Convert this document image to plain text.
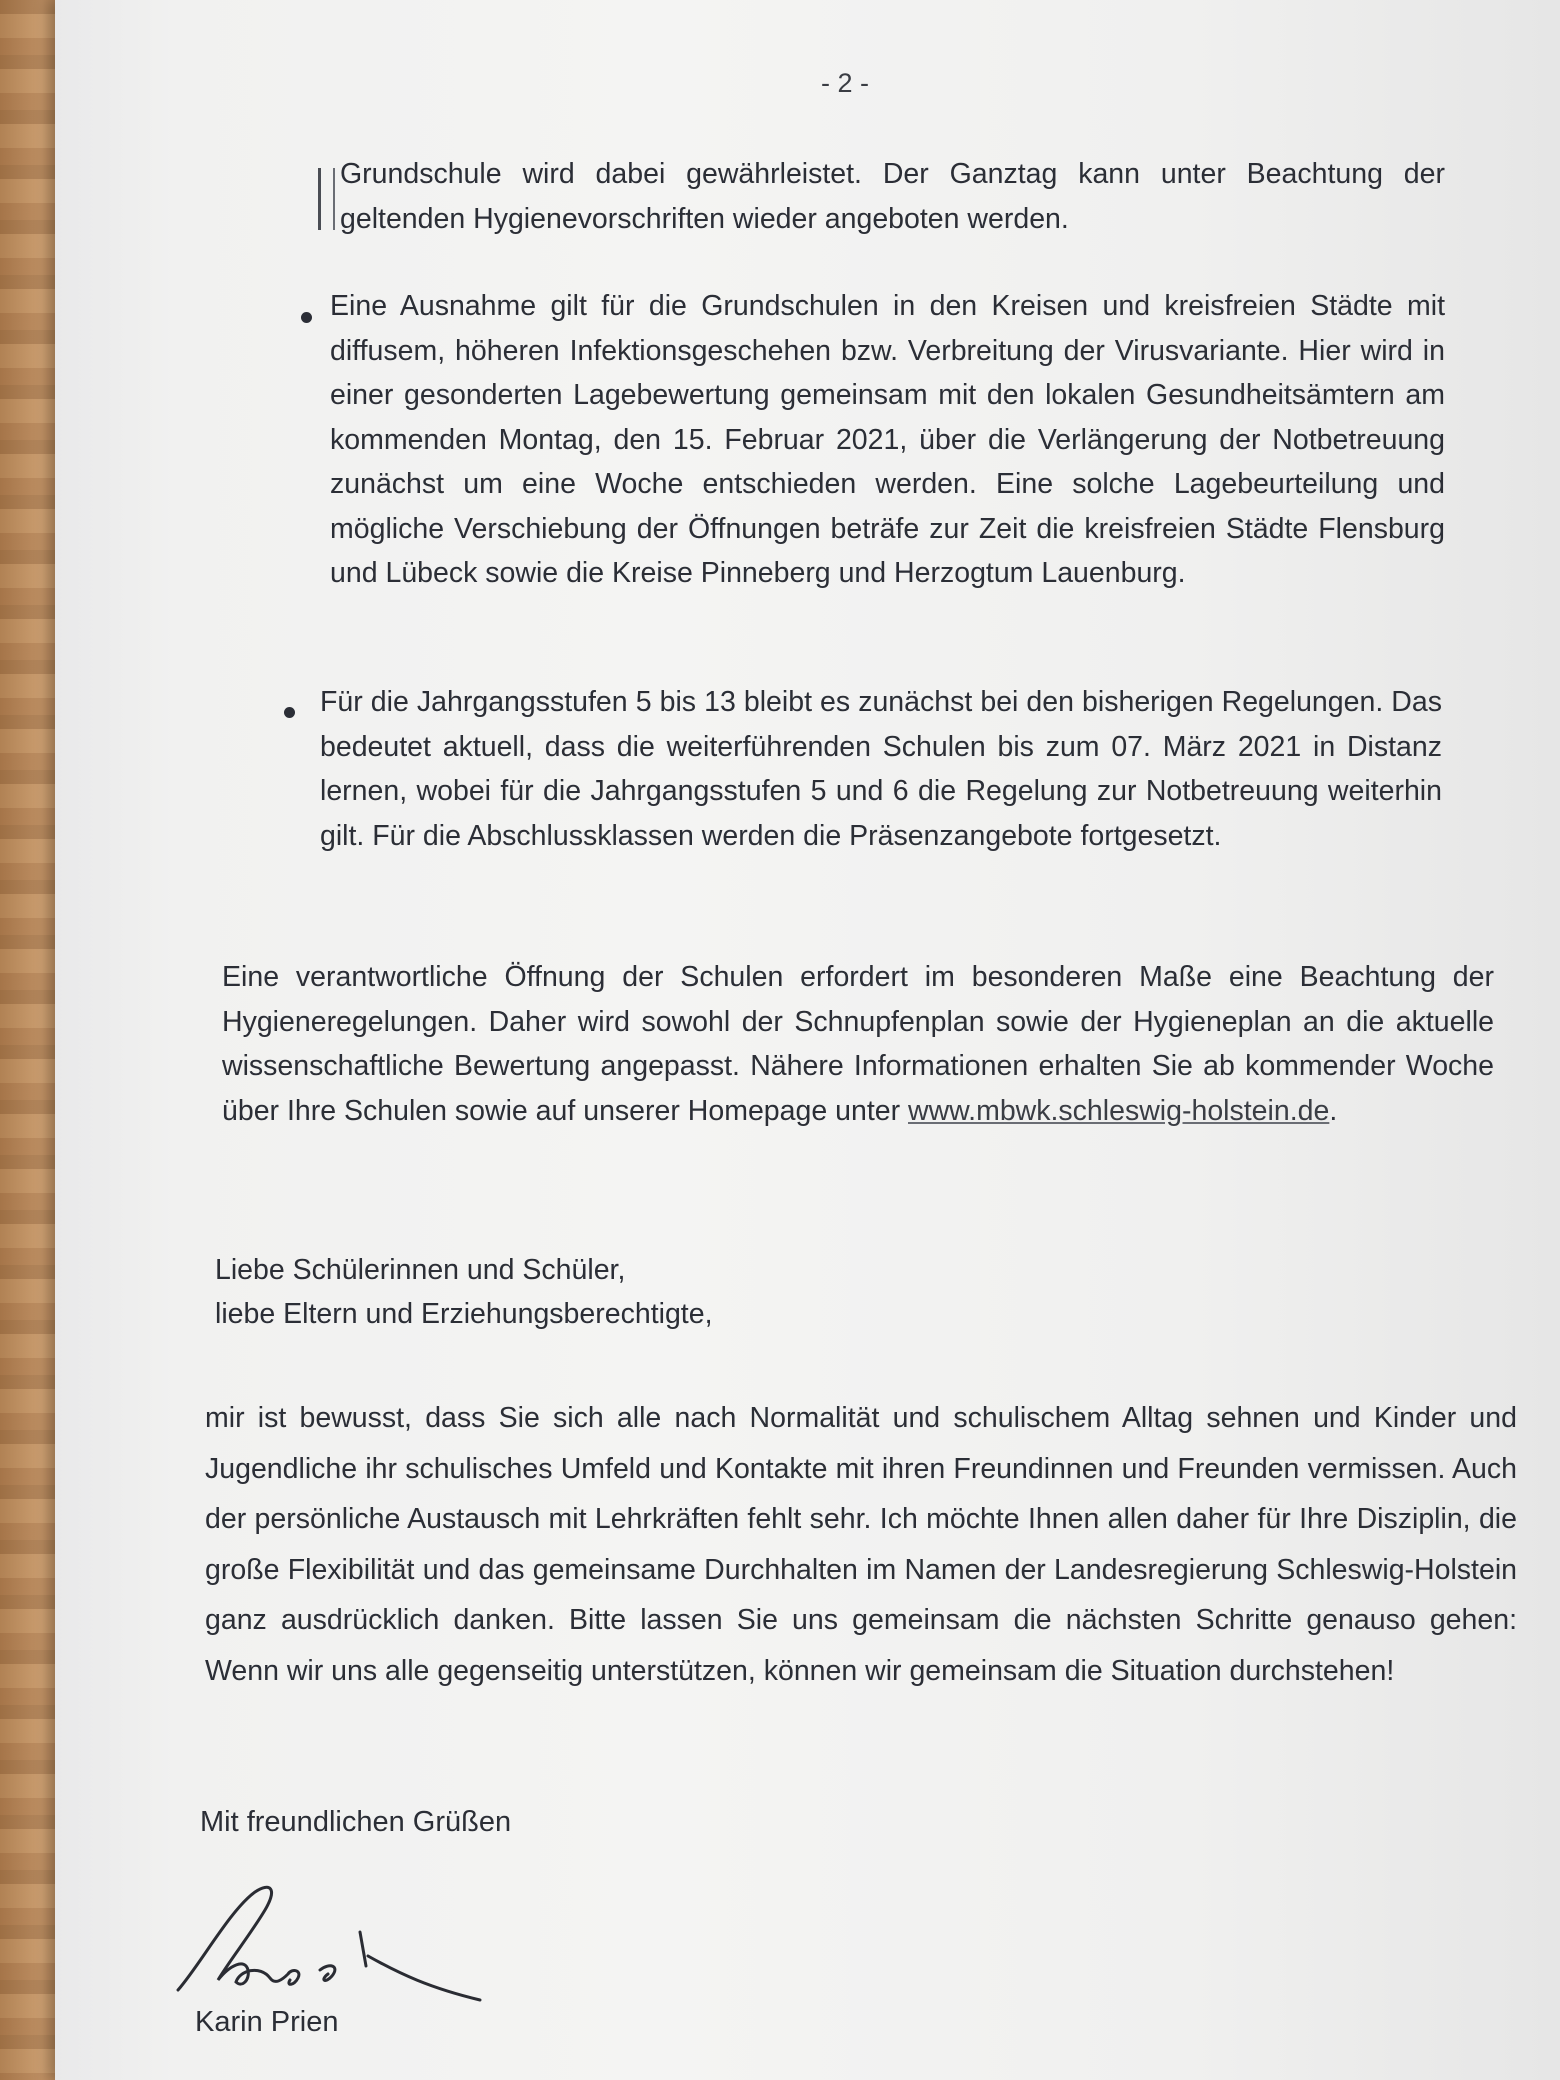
- 2 -

Grundschule wird dabei gewährleistet. Der Ganztag kann unter Beachtung der geltenden Hygienevorschriften wieder angeboten werden.

Eine Ausnahme gilt für die Grundschulen in den Kreisen und kreisfreien Städte mit diffusem, höheren Infektionsgeschehen bzw. Verbreitung der Virusvariante. Hier wird in einer gesonderten Lagebewertung gemeinsam mit den lokalen Gesundheitsämtern am kommenden Montag, den 15. Februar 2021, über die Verlängerung der Notbetreuung zunächst um eine Woche entschieden werden. Eine solche Lagebeurteilung und mögliche Verschiebung der Öffnungen beträfe zur Zeit die kreisfreien Städte Flensburg und Lübeck sowie die Kreise Pinneberg und Herzogtum Lauenburg.

Für die Jahrgangsstufen 5 bis 13 bleibt es zunächst bei den bisherigen Regelungen. Das bedeutet aktuell, dass die weiterführenden Schulen bis zum 07. März 2021 in Distanz lernen, wobei für die Jahrgangsstufen 5 und 6 die Regelung zur Notbetreuung weiterhin gilt. Für die Abschlussklassen werden die Präsenzangebote fortgesetzt.

Eine verantwortliche Öffnung der Schulen erfordert im besonderen Maße eine Beachtung der Hygieneregelungen. Daher wird sowohl der Schnupfenplan sowie der Hygieneplan an die aktuelle wissenschaftliche Bewertung angepasst. Nähere Informationen erhalten Sie ab kommender Woche über Ihre Schulen sowie auf unserer Homepage unter www.mbwk.schleswig-holstein.de.

Liebe Schülerinnen und Schüler,
liebe Eltern und Erziehungsberechtigte,

mir ist bewusst, dass Sie sich alle nach Normalität und schulischem Alltag sehnen und Kinder und Jugendliche ihr schulisches Umfeld und Kontakte mit ihren Freundinnen und Freunden vermissen. Auch der persönliche Austausch mit Lehrkräften fehlt sehr. Ich möchte Ihnen allen daher für Ihre Disziplin, die große Flexibilität und das gemeinsame Durchhalten im Namen der Landesregierung Schleswig-Holstein ganz ausdrücklich danken. Bitte lassen Sie uns gemeinsam die nächsten Schritte genauso gehen: Wenn wir uns alle gegenseitig unterstützen, können wir gemeinsam die Situation durchstehen!

Mit freundlichen Grüßen

Karin Prien
